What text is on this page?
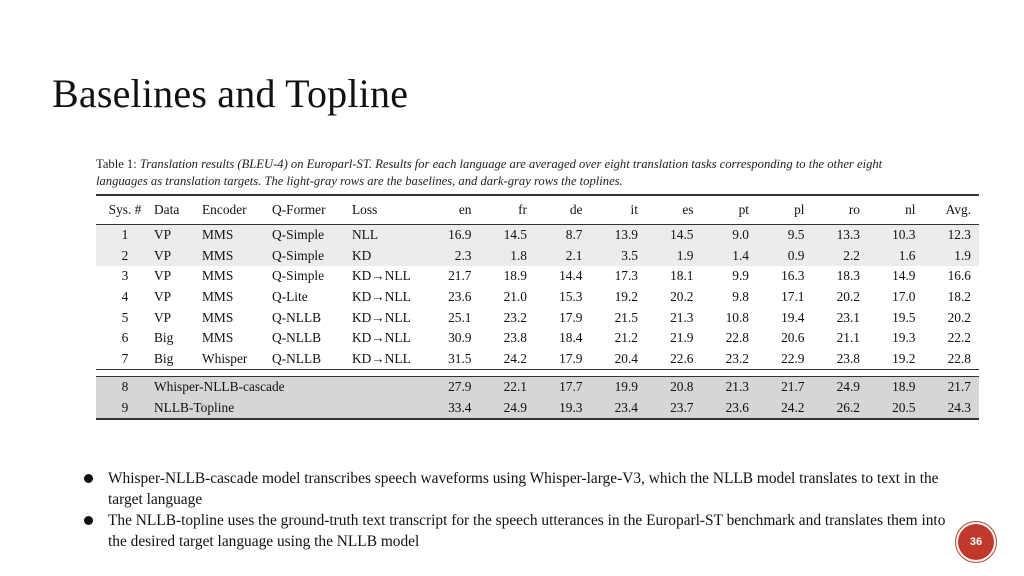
Baselines and Topline
Table 1: Translation results (BLEU-4) on Europarl-ST. Results for each language are averaged over eight translation tasks corresponding to the other eight languages as translation targets. The light-gray rows are the baselines, and dark-gray rows the toplines.
Sys. #	Data	Encoder	Q-Former	Loss	en	fr	de	it	es	pt	pl	ro	nl	Avg.
1	VP	MMS	Q-Simple	NLL	16.9	14.5	8.7	13.9	14.5	9.0	9.5	13.3	10.3	12.3
2	VP	MMS	Q-Simple	KD	2.3	1.8	2.1	3.5	1.9	1.4	0.9	2.2	1.6	1.9
3	VP	MMS	Q-Simple	KD→NLL	21.7	18.9	14.4	17.3	18.1	9.9	16.3	18.3	14.9	16.6
4	VP	MMS	Q-Lite	KD→NLL	23.6	21.0	15.3	19.2	20.2	9.8	17.1	20.2	17.0	18.2
5	VP	MMS	Q-NLLB	KD→NLL	25.1	23.2	17.9	21.5	21.3	10.8	19.4	23.1	19.5	20.2
6	Big	MMS	Q-NLLB	KD→NLL	30.9	23.8	18.4	21.2	21.9	22.8	20.6	21.1	19.3	22.2
7	Big	Whisper	Q-NLLB	KD→NLL	31.5	24.2	17.9	20.4	22.6	23.2	22.9	23.8	19.2	22.8

8	Whisper-NLLB-cascade				27.9	22.1	17.7	19.9	20.8	21.3	21.7	24.9	18.9	21.7
9	NLLB-Topline				33.4	24.9	19.3	23.4	23.7	23.6	24.2	26.2	20.5	24.3
Whisper-NLLB-cascade model transcribes speech waveforms using Whisper-large-V3, which the NLLB model translates to text in the target language
The NLLB-topline uses the ground-truth text transcript for the speech utterances in the Europarl-ST benchmark and translates them into the desired target language using the NLLB model	36
